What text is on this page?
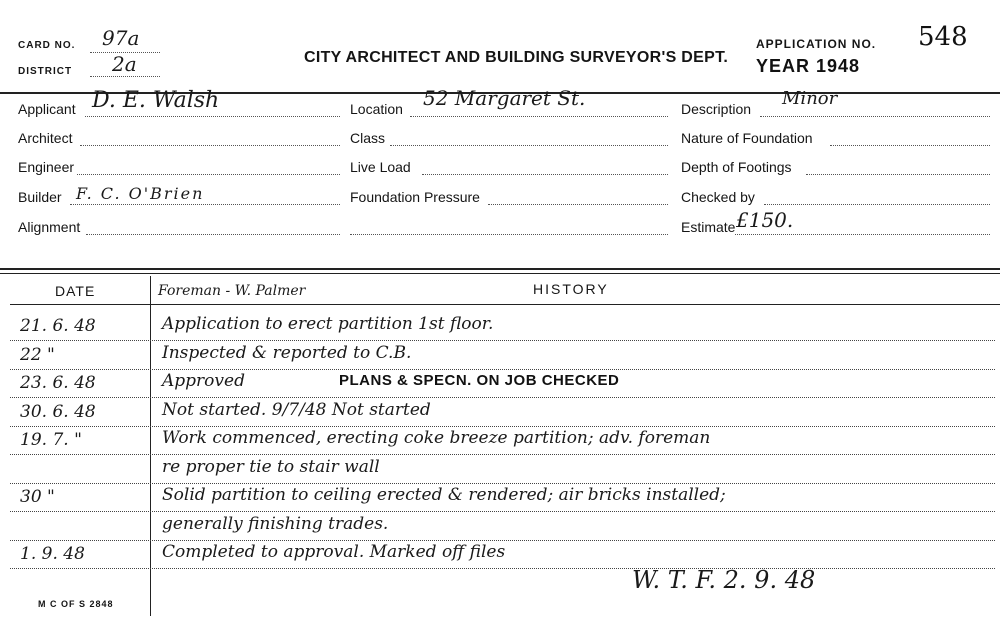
CARD NO. 97a
DISTRICT 2a	CITY ARCHITECT AND BUILDING SURVEYOR'S DEPT.
APPLICATION NO. 548
YEAR 1948
Applicant D. E. Walsh
Architect
Engineer
Builder F. C. O'Brien
Alignment
Location 52 Margaret St.
Class
Live Load
Foundation Pressure
Description Minor
Nature of Foundation
Depth of Footings
Checked by
Estimate £150.
DATE	Foreman - W. Palmer	HISTORY
21. 6. 48	Application to erect partition 1st floor.
22 "	Inspected & reported to C.B.
23. 6. 48	Approved
30. 6. 48	Not started. 9/7/48 Not started
19. 7. "	Work commenced, erecting coke breeze partition; adv. foreman
re proper tie to stair wall
30 "	Solid partition to ceiling erected & rendered; air bricks installed;
generally finishing trades.
1. 9. 48	Completed to approval. Marked off files
PLANS & SPECN. ON JOB CHECKED
W. T. F. 2. 9. 48
M C OF S 2848
